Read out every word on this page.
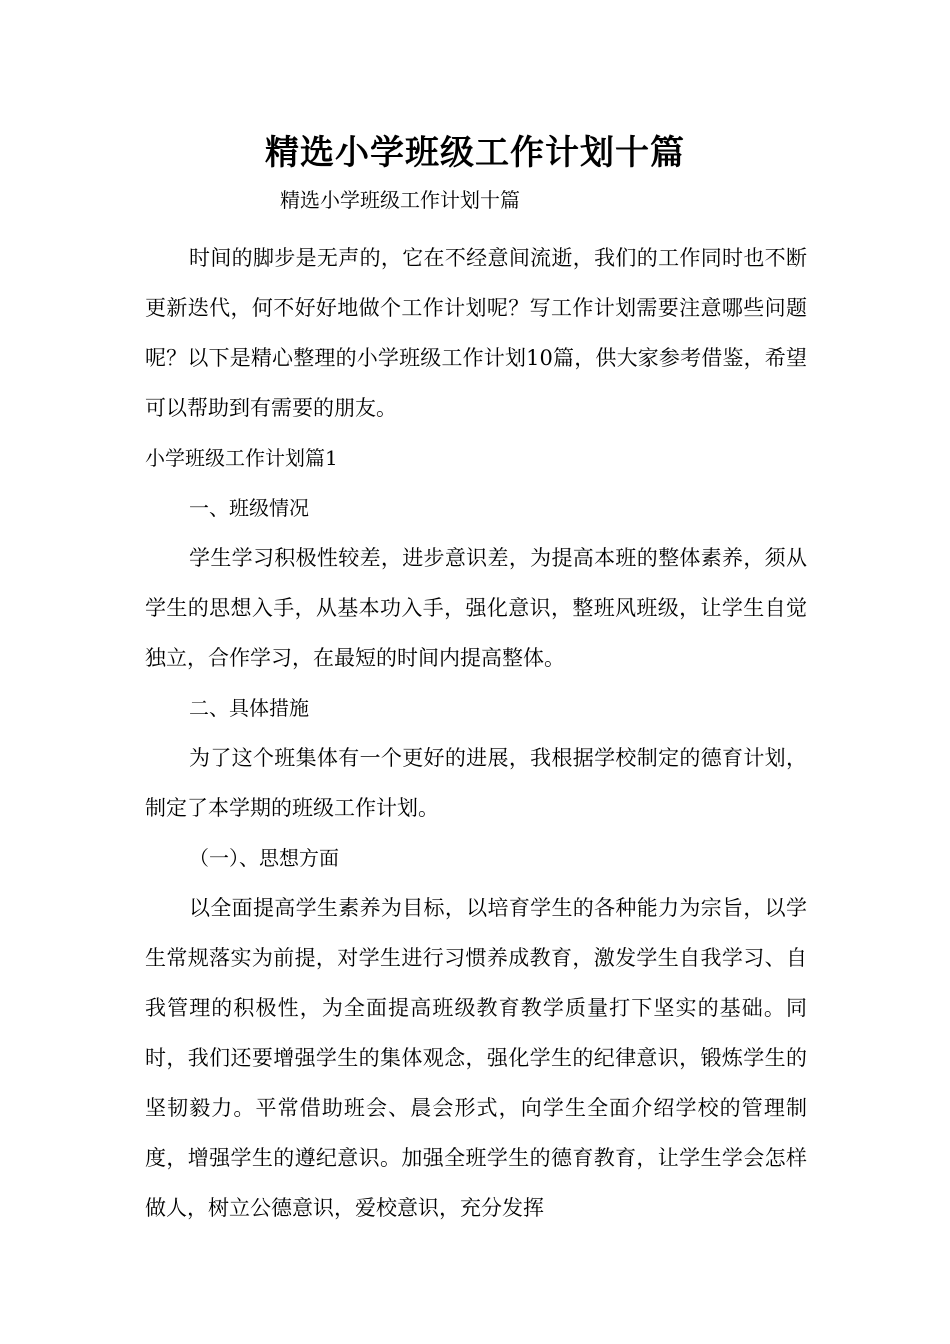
精选小学班级工作计划十篇
精选小学班级工作计划十篇

时间的脚步是无声的，它在不经意间流逝，我们的工作同时也不断更新迭代，何不好好地做个工作计划呢？写工作计划需要注意哪些问题呢？以下是精心整理的小学班级工作计划10篇，供大家参考借鉴，希望可以帮助到有需要的朋友。

小学班级工作计划篇1

一、班级情况

学生学习积极性较差，进步意识差，为提高本班的整体素养，须从学生的思想入手，从基本功入手，强化意识，整班风班级，让学生自觉独立，合作学习，在最短的时间内提高整体。

二、具体措施

为了这个班集体有一个更好的进展，我根据学校制定的德育计划，制定了本学期的班级工作计划。

（一）、思想方面

以全面提高学生素养为目标，以培育学生的各种能力为宗旨，以学生常规落实为前提，对学生进行习惯养成教育，激发学生自我学习、自我管理的积极性，为全面提高班级教育教学质量打下坚实的基础。同时，我们还要增强学生的集体观念，强化学生的纪律意识，锻炼学生的坚韧毅力。平常借助班会、晨会形式，向学生全面介绍学校的管理制度，增强学生的遵纪意识。加强全班学生的德育教育，让学生学会怎样做人，树立公德意识，爱校意识，充分发挥
